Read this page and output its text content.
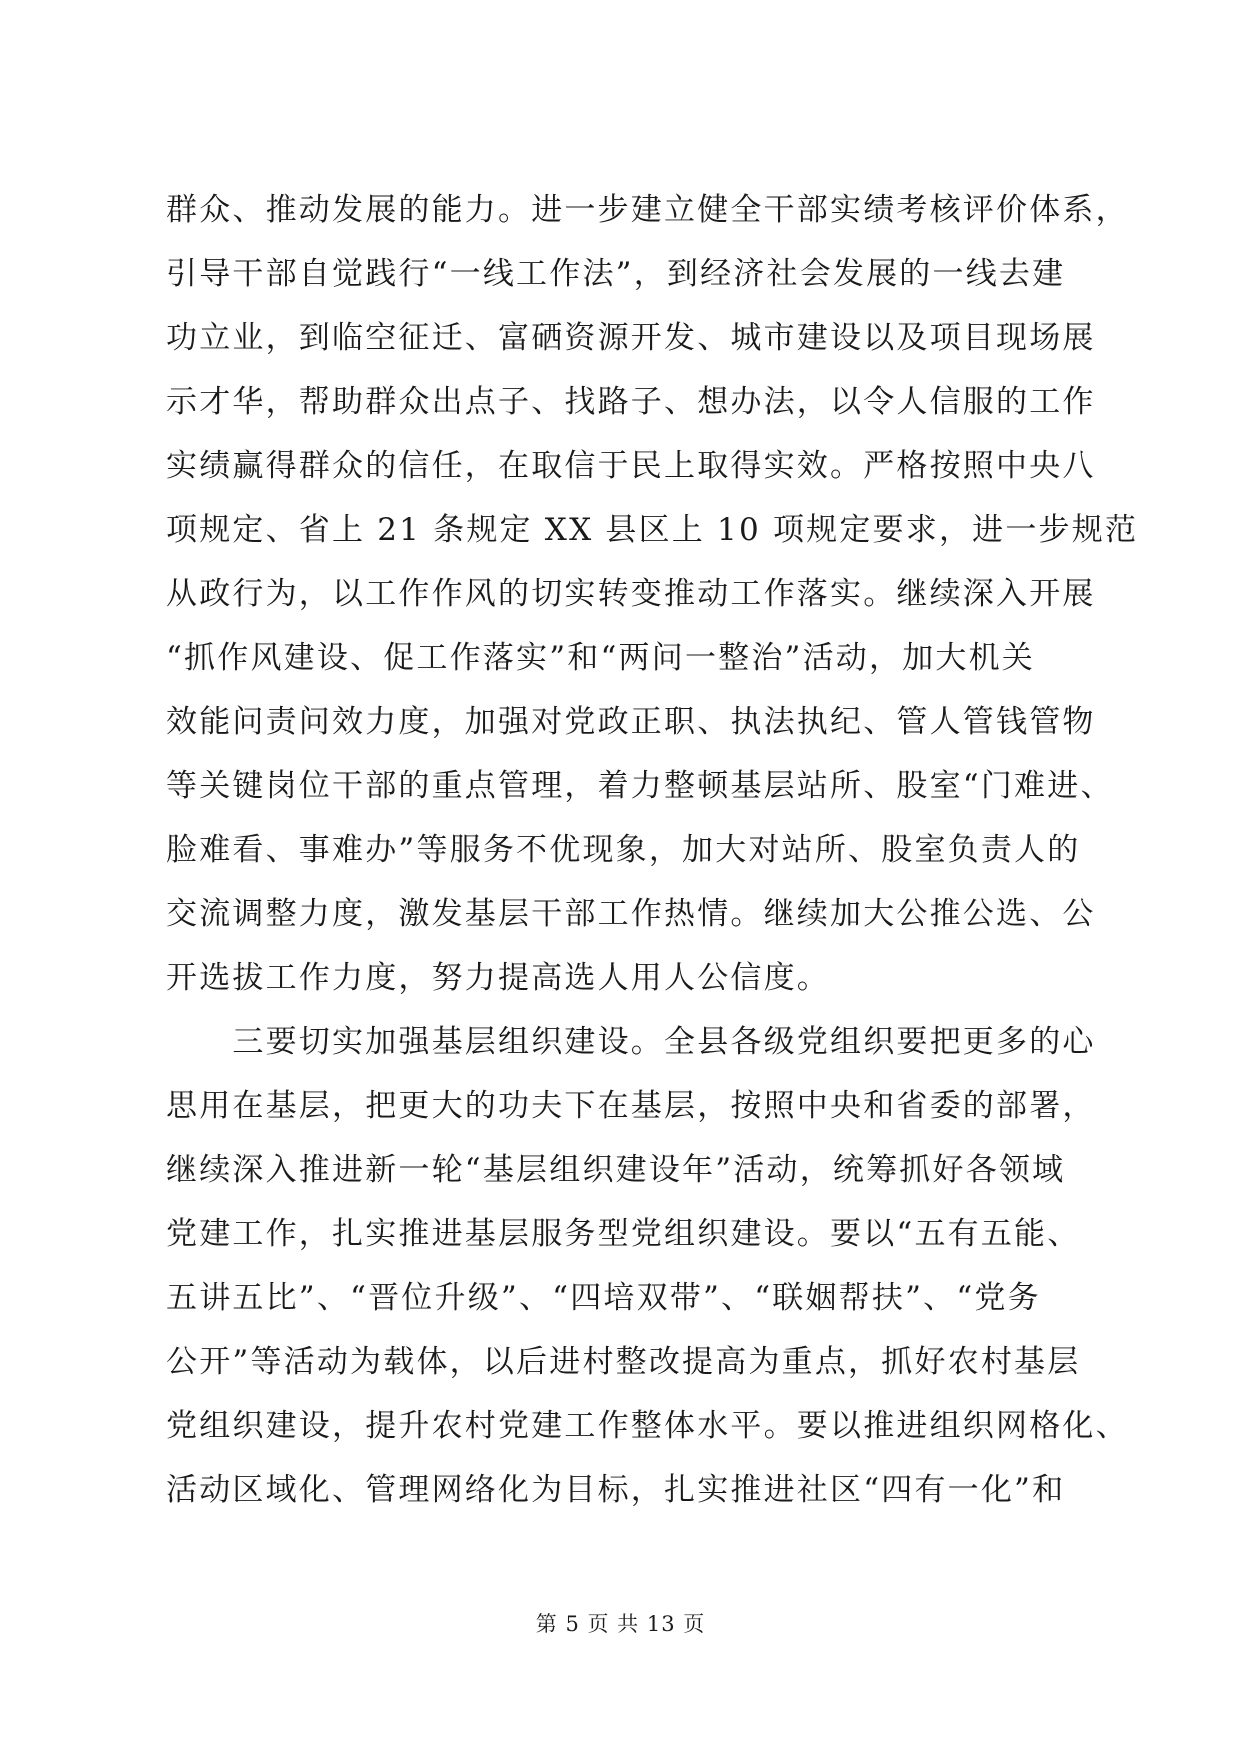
群众、推动发展的能力。进一步建立健全干部实绩考核评价体系，
引导干部自觉践行“一线工作法”，到经济社会发展的一线去建
功立业，到临空征迁、富硒资源开发、城市建设以及项目现场展
示才华，帮助群众出点子、找路子、想办法，以令人信服的工作
实绩赢得群众的信任，在取信于民上取得实效。严格按照中央八
项规定、省上 21 条规定 XX 县区上 10 项规定要求，进一步规范
从政行为，以工作作风的切实转变推动工作落实。继续深入开展
“抓作风建设、促工作落实”和“两问一整治”活动，加大机关
效能问责问效力度，加强对党政正职、执法执纪、管人管钱管物
等关键岗位干部的重点管理，着力整顿基层站所、股室“门难进、
脸难看、事难办”等服务不优现象，加大对站所、股室负责人的
交流调整力度，激发基层干部工作热情。继续加大公推公选、公
开选拔工作力度，努力提高选人用人公信度。
　　三要切实加强基层组织建设。全县各级党组织要把更多的心
思用在基层，把更大的功夫下在基层，按照中央和省委的部署，
继续深入推进新一轮“基层组织建设年”活动，统筹抓好各领域
党建工作，扎实推进基层服务型党组织建设。要以“五有五能、
五讲五比”、“晋位升级”、“四培双带”、“联姻帮扶”、“党务
公开”等活动为载体，以后进村整改提高为重点，抓好农村基层
党组织建设，提升农村党建工作整体水平。要以推进组织网格化、
活动区域化、管理网络化为目标，扎实推进社区“四有一化”和
第 5 页 共 13 页
